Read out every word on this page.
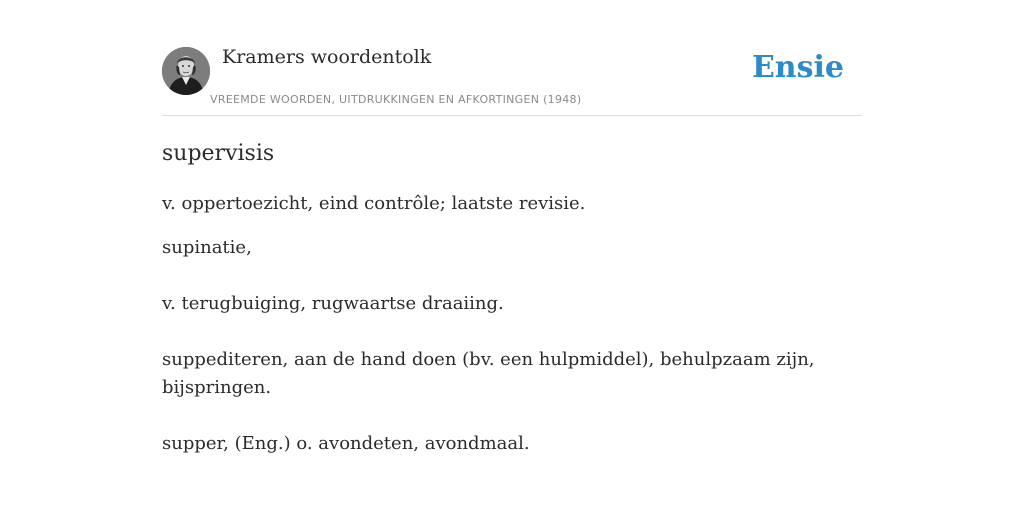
Kramers woordentolk
VREEMDE WOORDEN, UITDRUKKINGEN EN AFKORTINGEN (1948)
Ensie
supervisis

v. oppertoezicht, eind contrôle; laatste revisie.

supinatie,
v. terugbuiging, rugwaartse draaiing.
suppediteren, aan de hand doen (bv. een hulpmiddel), behulpzaam zijn,
bijspringen.
supper, (Eng.) o. avondeten, avondmaal.
